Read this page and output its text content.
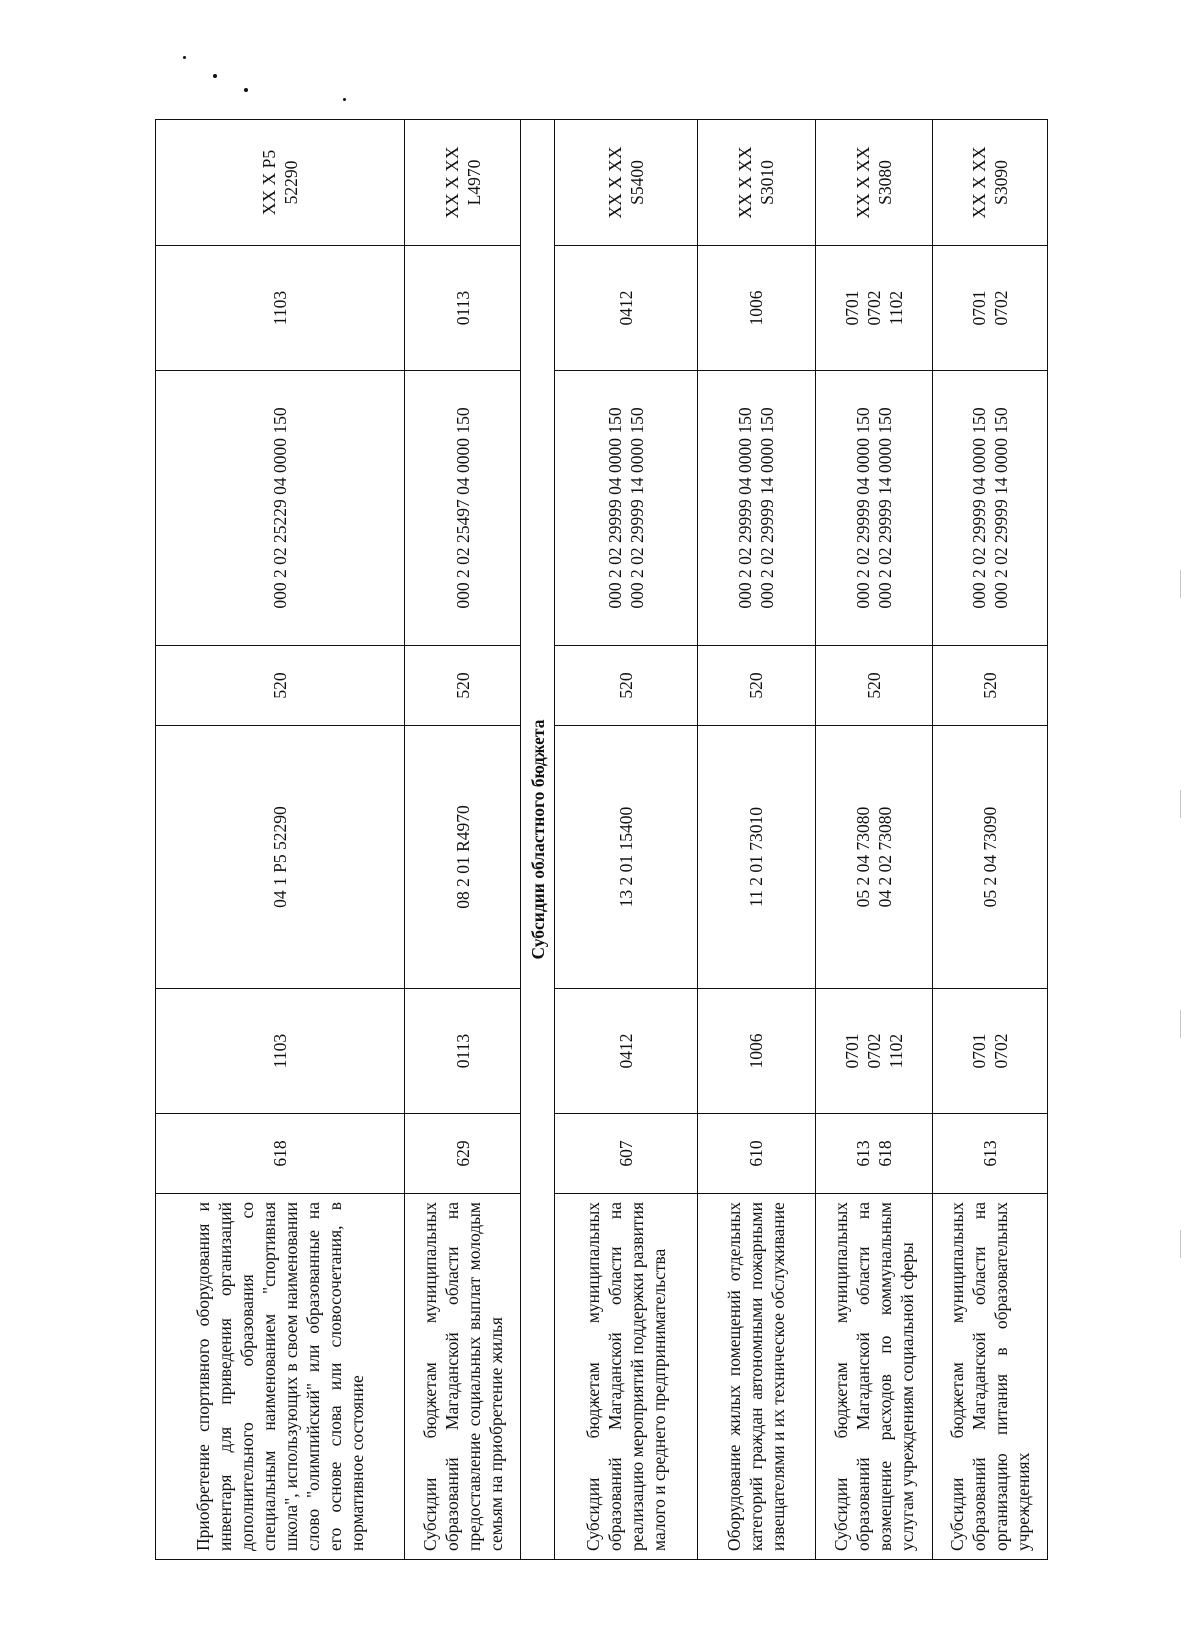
Приобретение спортивного оборудования и инвентаря для приведения организаций дополнительного образования со специальным наименованием "спортивная школа", использующих в своем наименовании слово "олимпийский" или образованные на его основе слова или словосочетания, в нормативное состояние	618	1103	04 1 P5 52290	520	000 2 02 25229 04 0000 150	1103	XX X P5 52290
Субсидии бюджетам муниципальных образований Магаданской области на предоставление социальных выплат молодым семьям на приобретение жилья	629	0113	08 2 01 R4970	520	000 2 02 25497 04 0000 150	0113	XX X XX L4970
Субсидии областного бюджета							
Субсидии бюджетам муниципальных образований Магаданской области на реализацию мероприятий поддержки развития малого и среднего предпринимательства	607	0412	13 2 01 15400	520	000 2 02 29999 04 0000 150 000 2 02 29999 14 0000 150	0412	XX X XX S5400
Оборудование жилых помещений отдельных категорий граждан автономными пожарными извещателями и их техническое обслуживание	610	1006	11 2 01 73010	520	000 2 02 29999 04 0000 150 000 2 02 29999 14 0000 150	1006	XX X XX S3010
Субсидии бюджетам муниципальных образований Магаданской области на возмещение расходов по коммунальным услугам учреждениям социальной сферы	613 618	0701 0702 1102	05 2 04 73080 04 2 02 73080	520	000 2 02 29999 04 0000 150 000 2 02 29999 14 0000 150	0701 0702 1102	XX X XX S3080
Субсидии бюджетам муниципальных образований Магаданской области на организацию питания в образовательных учреждениях	613	0701 0702	05 2 04 73090	520	000 2 02 29999 04 0000 150 000 2 02 29999 14 0000 150	0701 0702	XX X XX S3090
